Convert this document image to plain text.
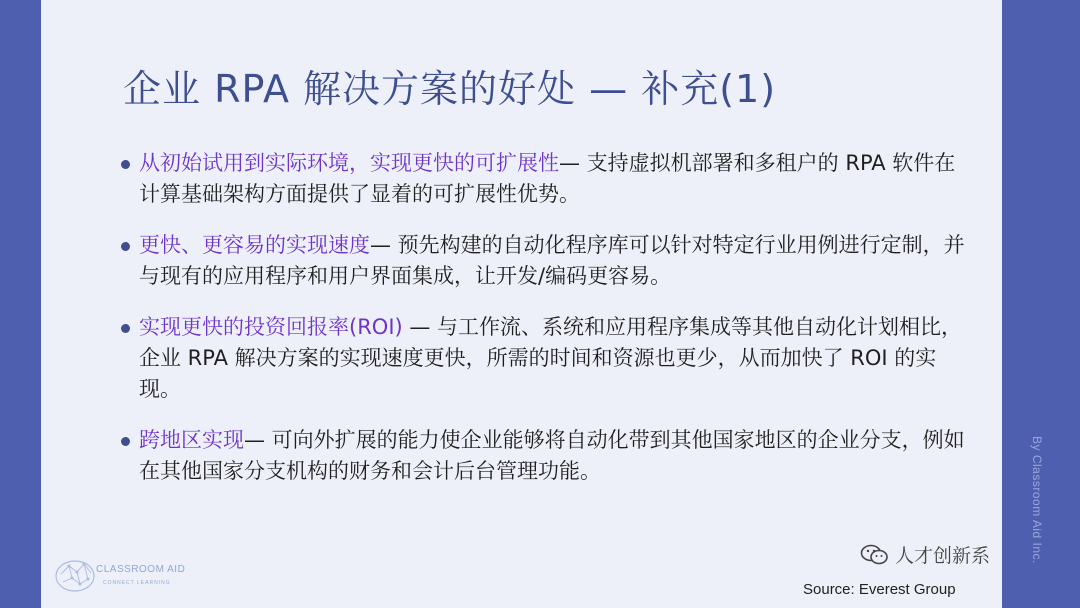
企业 RPA 解决方案的好处 — 补充(1)
从初始试用到实际环境，实现更快的可扩展性— 支持虚拟机部署和多租户的 RPA 软件在计算基础架构方面提供了显着的可扩展性优势。
更快、更容易的实现速度— 预先构建的自动化程序库可以针对特定行业用例进行定制，并与现有的应用程序和用户界面集成，让开发/编码更容易。
实现更快的投资回报率(ROI) — 与工作流、系统和应用程序集成等其他自动化计划相比，企业 RPA 解决方案的实现速度更快，所需的时间和资源也更少，从而加快了 ROI 的实现。
跨地区实现— 可向外扩展的能力使企业能够将自动化带到其他国家地区的企业分支，例如在其他国家分支机构的财务和会计后台管理功能。
CLASSROOM AID
CONNECT LEARNING	Source: Everest Group
人才创新系	By Classroom Aid Inc.
